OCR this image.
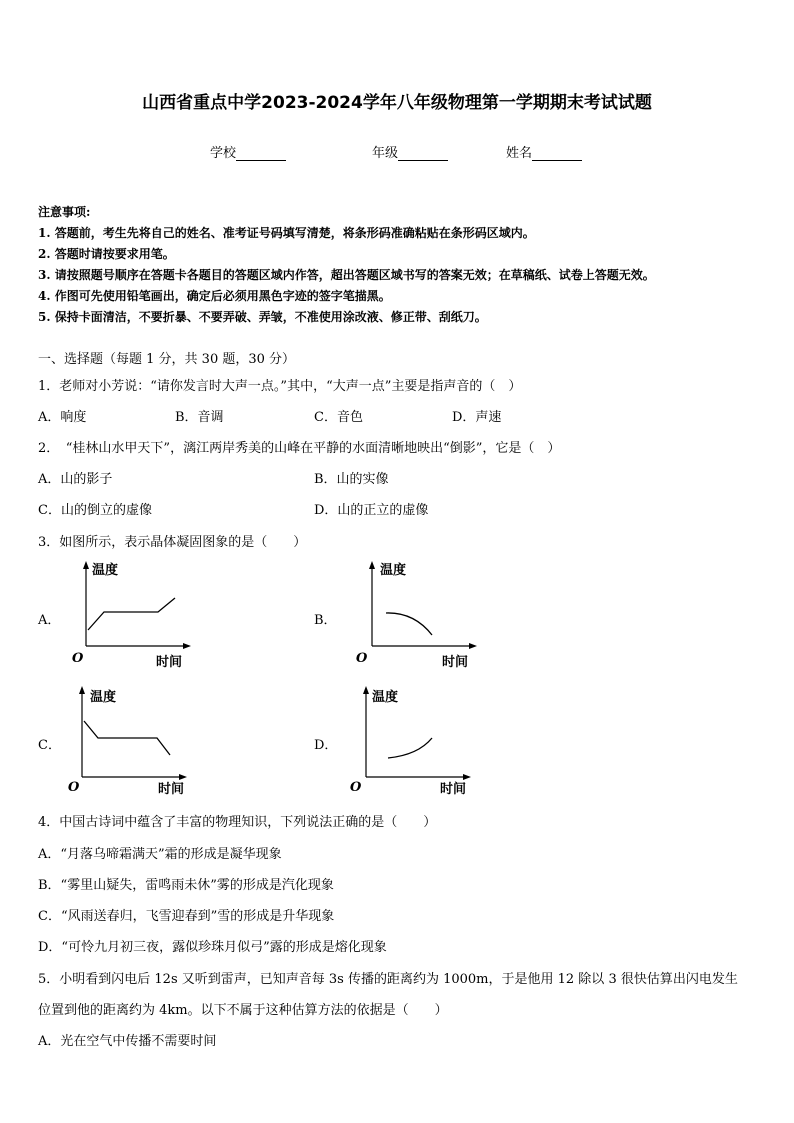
山西省重点中学2023-2024学年八年级物理第一学期期末考试试题
学校	年级	姓名
注意事项:
1. 答题前，考生先将自己的姓名、准考证号码填写清楚，将条形码准确粘贴在条形码区域内。
2. 答题时请按要求用笔。
3. 请按照题号顺序在答题卡各题目的答题区域内作答，超出答题区域书写的答案无效；在草稿纸、试卷上答题无效。
4. 作图可先使用铅笔画出，确定后必须用黑色字迹的签字笔描黑。
5. 保持卡面清洁，不要折暴、不要弄破、弄皱，不准使用涂改液、修正带、刮纸刀。
一、选择题（每题 1 分，共 30 题，30 分）
1．老师对小芳说：“请你发言时大声一点。”其中，“大声一点”主要是指声音的（　）
A．响度	B．音调	C．音色	D．声速
2．　“桂林山水甲天下”，漓江两岸秀美的山峰在平静的水面清晰地映出“倒影”，它是（　）
A．山的影子	B．山的实像
C．山的倒立的虚像	D．山的正立的虚像
3．如图所示，表示晶体凝固图象的是（　　）
A．
温度
O	时间
B．
温度
O	时间
C．
温度
O	时间
D．
温度
O	时间
4．中国古诗词中蕴含了丰富的物理知识，下列说法正确的是（　　）
A．“月落乌啼霜满天”霜的形成是凝华现象
B．“雾里山疑失，雷鸣雨未休”雾的形成是汽化现象
C．“风雨送春归，飞雪迎春到”雪的形成是升华现象
D．“可怜九月初三夜，露似珍珠月似弓”露的形成是熔化现象
5．小明看到闪电后 12s 又听到雷声，已知声音每 3s 传播的距离约为 1000m，于是他用 12 除以 3 很快估算出闪电发生
位置到他的距离约为 4km。以下不属于这种估算方法的依据是（　　）
A．光在空气中传播不需要时间
